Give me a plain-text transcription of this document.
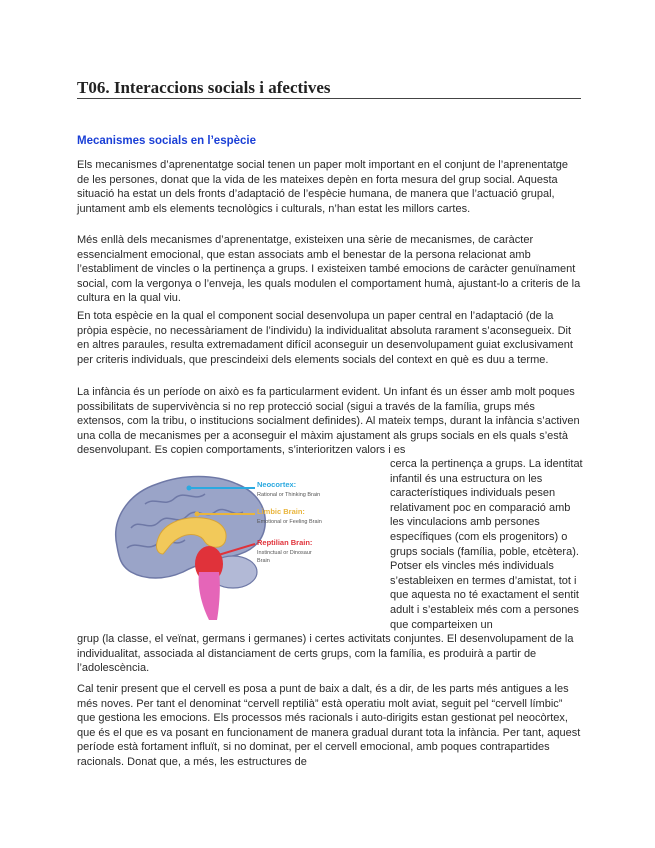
T06. Interaccions socials i afectives
Mecanismes socials en l’espècie

Els mecanismes d’aprenentatge social tenen un paper molt important en el conjunt de l’aprenentatge de les persones, donat que la vida de les mateixes depèn en forta mesura del grup social. Aquesta situació ha estat un dels fronts d’adaptació de l’espècie humana, de manera que l’actuació grupal, juntament amb els elements tecnològics i culturals, n’han estat les millors cartes.

Més enllà dels mecanismes d’aprenentatge, existeixen una sèrie de mecanismes, de caràcter essencialment emocional, que estan associats amb el benestar de la persona relacionat amb l’establiment de vincles o la pertinença a grups. I existeixen també emocions de caràcter genuïnament social, com la vergonya o l’enveja, les quals modulen el comportament humà, ajustant-lo a criteris de la cultura en la qual viu.

En tota espècie en la qual el component social desenvolupa un paper central en l’adaptació (de la pròpia espècie, no necessàriament de l’individu) la individualitat absoluta rarament s’aconsegueix. Dit en altres paraules, resulta extremadament difícil aconseguir un desenvolupament guiat exclusivament per criteris individuals, que prescindeixi dels elements socials del context en què es duu a terme.

La infància és un període on això es fa particularment evident. Un infant és un ésser amb molt poques possibilitats de supervivència si no rep protecció social (sigui a través de la família, grups més extensos, com la tribu, o institucions socialment definides). Al mateix temps, durant la infància s’activen una colla de mecanismes per a aconseguir el màxim ajustament als grups socials en els quals s’està desenvolupant. Es copien comportaments, s’interioritzen valors i es

Neocortex:
Rational or Thinking Brain
Limbic Brain:
Emotional or Feeling Brain
Reptilian Brain:
Instinctual or Dinosaur
Brain

cerca la pertinença a grups. La identitat infantil és una estructura on les característiques individuals pesen relativament poc en comparació amb les vinculacions amb persones específiques (com els progenitors) o grups socials (família, poble, etcètera). Potser els vincles més individuals s’estableixen en termes d’amistat, tot i que aquesta no té exactament el sentit adult i s’estableix més com a persones que comparteixen un

grup (la classe, el veïnat, germans i germanes) i certes activitats conjuntes. El desenvolupament de la individualitat, associada al distanciament de certs grups, com la família, es produirà a partir de l’adolescència.

Cal tenir present que el cervell es posa a punt de baix a dalt, és a dir, de les parts més antigues a les més noves. Per tant el denominat “cervell reptilià” està operatiu molt aviat, seguit pel “cervell límbic” que gestiona les emocions. Els processos més racionals i auto-dirigits estan gestionat pel neocòrtex, que és el que es va posant en funcionament de manera gradual durant tota la infància. Per tant, aquest període està fortament influït, si no dominat, per el cervell emocional, amb poques contrapartides racionals. Donat que, a més, les estructures de
